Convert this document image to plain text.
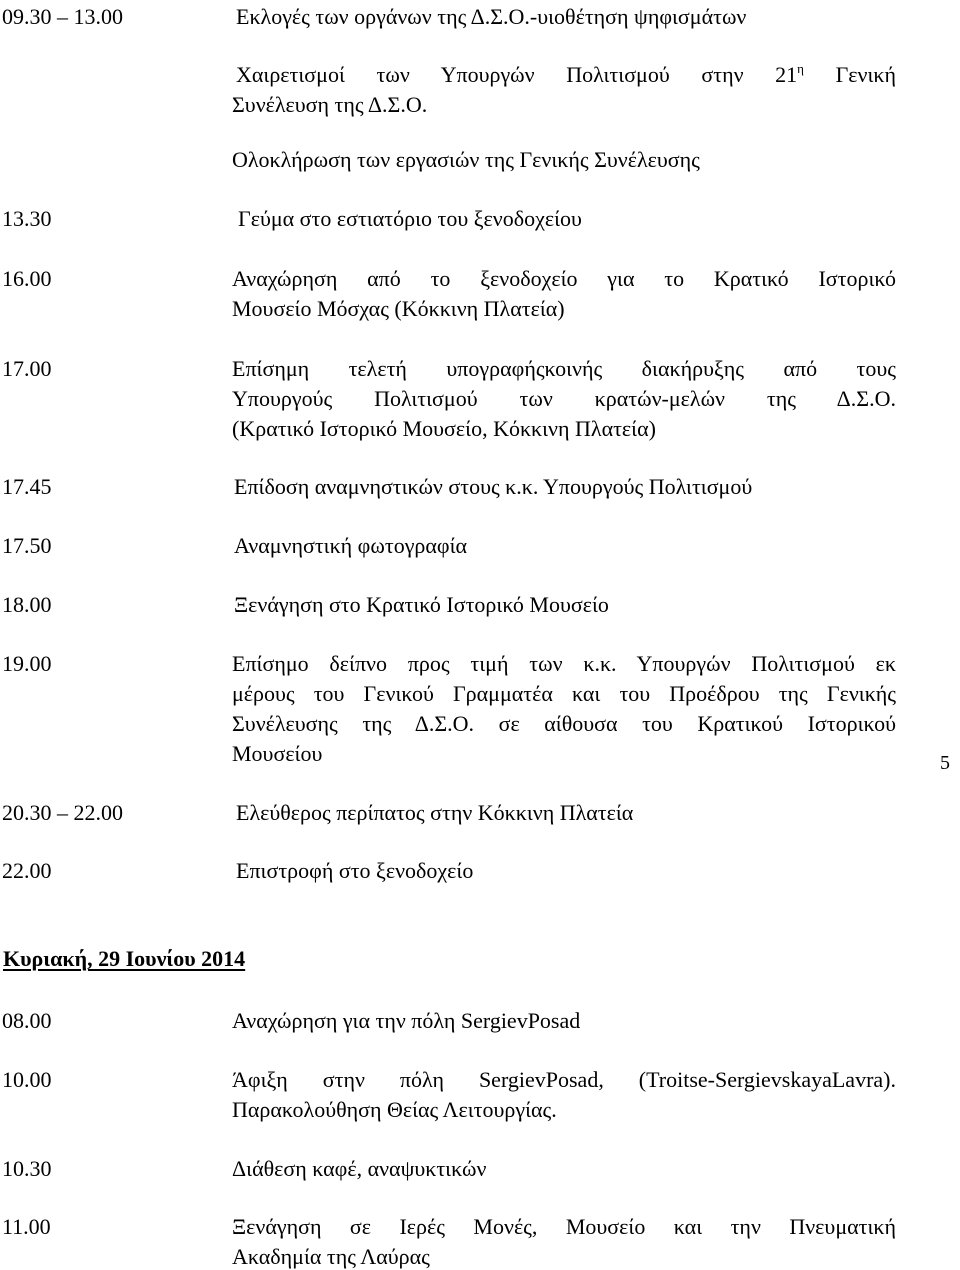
09.30 – 13.00	Εκλογές των οργάνων της Δ.Σ.Ο.-υιοθέτηση ψηφισμάτων
Χαιρετισμοί των Υπουργών Πολιτισμού στην $21^\eta$ Γενική
Συνέλευση της Δ.Σ.Ο.
Ολοκλήρωση των εργασιών της Γενικής Συνέλευσης
13.30	Γεύμα στο εστιατόριο του ξενοδοχείου
16.00	Αναχώρηση από το ξενοδοχείο για το Κρατικό Ιστορικό
Μουσείο Μόσχας (Κόκκινη Πλατεία)
17.00	Επίσημη τελετή υπογραφήςκοινής διακήρυξης από τους
Υπουργούς Πολιτισμού των κρατών-μελών της Δ.Σ.Ο.
(Κρατικό Ιστορικό Μουσείο, Κόκκινη Πλατεία)
17.45	Επίδοση αναμνηστικών στους κ.κ. Υπουργούς Πολιτισμού
17.50	Αναμνηστική φωτογραφία
18.00	Ξενάγηση στο Κρατικό Ιστορικό Μουσείο
19.00	Επίσημο δείπνο προς τιμή των κ.κ. Υπουργών Πολιτισμού εκ
μέρους του Γενικού Γραμματέα και του Προέδρου της Γενικής
Συνέλευσης της Δ.Σ.Ο. σε αίθουσα του Κρατικού Ιστορικού
Μουσείου	5
20.30 – 22.00	Ελεύθερος περίπατος στην Κόκκινη Πλατεία
22.00	Επιστροφή στο ξενοδοχείο
Κυριακή, 29 Ιουνίου 2014
08.00	Αναχώρηση για την πόλη SergievPosad
10.00	Άφιξη στην πόλη SergievPosad, (Troitse-SergievskayaLavra).
Παρακολούθηση Θείας Λειτουργίας.
10.30	Διάθεση καφέ, αναψυκτικών
11.00	Ξενάγηση σε Ιερές Μονές, Μουσείο και την Πνευματική
Ακαδημία της Λαύρας
